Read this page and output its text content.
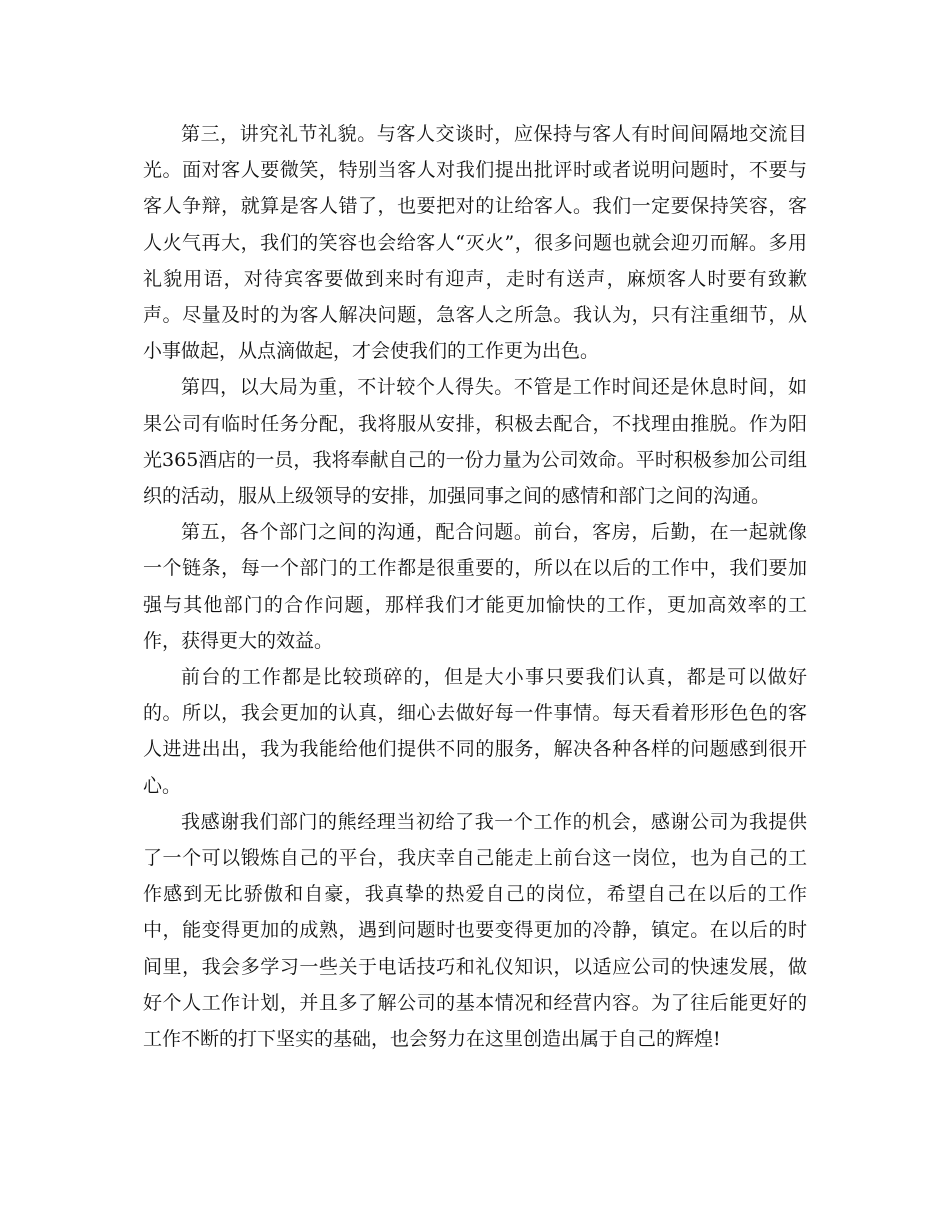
第三，讲究礼节礼貌。与客人交谈时，应保持与客人有时间间隔地交流目光。面对客人要微笑，特别当客人对我们提出批评时或者说明问题时，不要与客人争辩，就算是客人错了，也要把对的让给客人。我们一定要保持笑容，客人火气再大，我们的笑容也会给客人“灭火”，很多问题也就会迎刃而解。多用礼貌用语，对待宾客要做到来时有迎声，走时有送声，麻烦客人时要有致歉声。尽量及时的为客人解决问题，急客人之所急。我认为，只有注重细节，从小事做起，从点滴做起，才会使我们的工作更为出色。

第四，以大局为重，不计较个人得失。不管是工作时间还是休息时间，如果公司有临时任务分配，我将服从安排，积极去配合，不找理由推脱。作为阳光365酒店的一员，我将奉献自己的一份力量为公司效命。平时积极参加公司组织的活动，服从上级领导的安排，加强同事之间的感情和部门之间的沟通。

第五，各个部门之间的沟通，配合问题。前台，客房，后勤，在一起就像一个链条，每一个部门的工作都是很重要的，所以在以后的工作中，我们要加强与其他部门的合作问题，那样我们才能更加愉快的工作，更加高效率的工作，获得更大的效益。

前台的工作都是比较琐碎的，但是大小事只要我们认真，都是可以做好的。所以，我会更加的认真，细心去做好每一件事情。每天看着形形色色的客人进进出出，我为我能给他们提供不同的服务，解决各种各样的问题感到很开心。

我感谢我们部门的熊经理当初给了我一个工作的机会，感谢公司为我提供了一个可以锻炼自己的平台，我庆幸自己能走上前台这一岗位，也为自己的工作感到无比骄傲和自豪，我真挚的热爱自己的岗位，希望自己在以后的工作中，能变得更加的成熟，遇到问题时也要变得更加的冷静，镇定。在以后的时间里，我会多学习一些关于电话技巧和礼仪知识，以适应公司的快速发展，做好个人工作计划，并且多了解公司的基本情况和经营内容。为了往后能更好的工作不断的打下坚实的基础，也会努力在这里创造出属于自己的辉煌!
